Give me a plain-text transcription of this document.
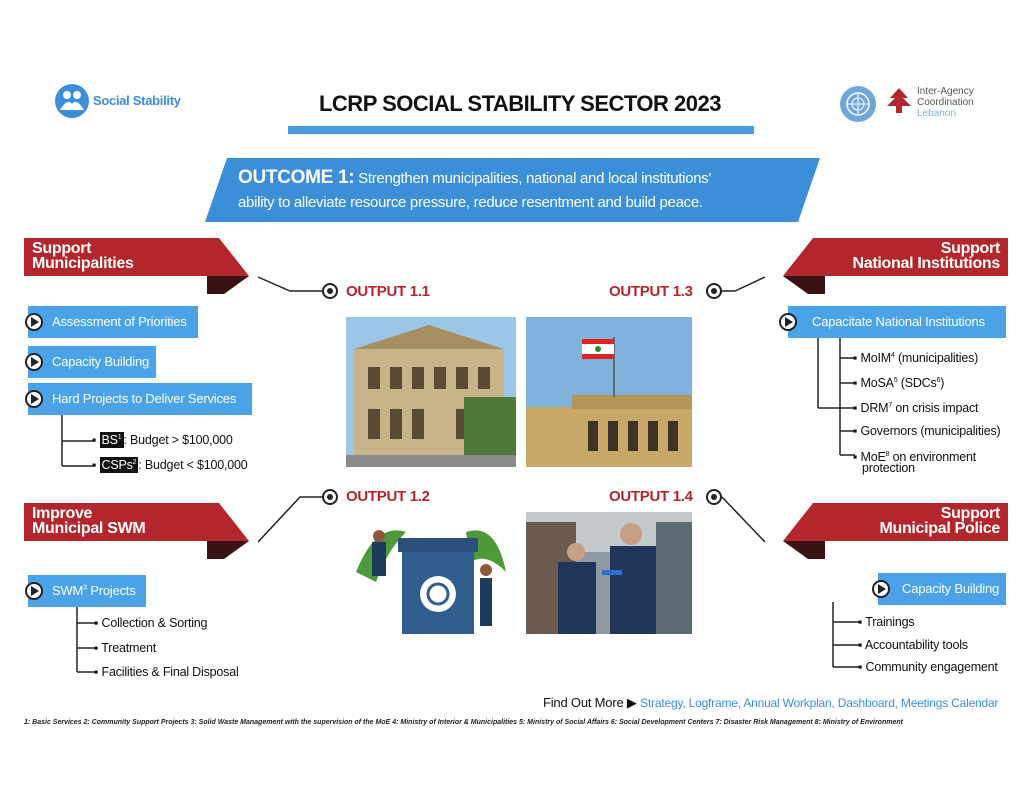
Social Stability	LCRP SOCIAL STABILITY SECTOR 2023	Inter-Agency
Coordination
Lebanon
OUTCOME 1: Strengthen municipalities, national and local institutions'
ability to alleviate resource pressure, reduce resentment and build peace.
Support
Municipalities
Improve
Municipal SWM
Support
National Institutions
Support
Municipal Police
OUTPUT 1.1
OUTPUT 1.2
OUTPUT 1.3
OUTPUT 1.4
Assessment of Priorities
Capacity Building
Hard Projects to Deliver Services
▪ $BS^1$ : Budget > $100,000
▪ CSPs$^2$ : Budget < $100,000
SWM$^3$ Projects
▪ Collection & Sorting
▪ Treatment
▪ Facilities & Final Disposal
Capacitate National Institutions
▪ MoIM$^4$ (municipalities)
▪ MoSA$^5$ (SDCs$^6$)
▪ DRM$^7$ on crisis impact
▪ Governors (municipalities)
▪ MoE$^8$ on environment
protection
Capacity Building
▪ Trainings
▪ Accountability tools
▪ Community engagement
Find Out More ▶ Strategy, Logframe, Annual Workplan, Dashboard, Meetings Calendar
1: Basic Services 2: Community Support Projects 3: Solid Waste Management with the supervision of the MoE 4: Ministry of Interior & Municipalities 5: Ministry of Social Affairs 6: Social Development Centers 7: Disaster Risk Management 8: Ministry of Environment
